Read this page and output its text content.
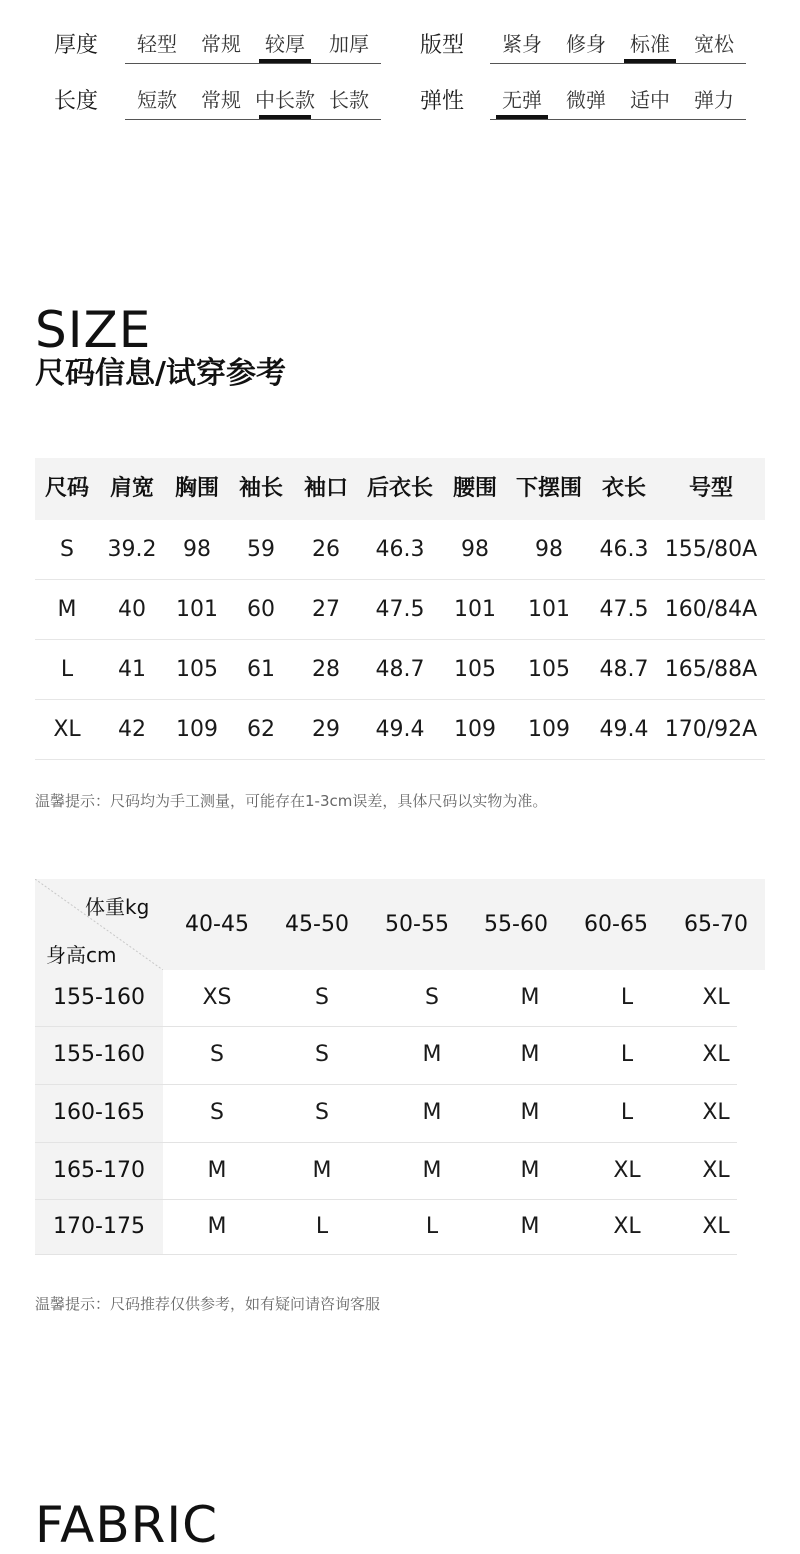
厚度	轻型	常规	较厚	加厚	版型	紧身	修身	标准	宽松
长度	短款	常规 中长款 长款	弹性	无弹	微弹	适中	弹力
SIZE
尺码信息/试穿参考
尺码 肩宽 胸围 袖长 袖口 后衣长 腰围 下摆围 衣长	号型
S	39.2	98	59	26	46.3	98	98	46.3 155/80A
M	40	101	60	27	47.5	101	101	47.5 160/84A
L	41	105	61	28	48.7	105	105	48.7 165/88A
XL	42	109	62	29	49.4	109	109	49.4 170/92A
温馨提示：尺码均为手工测量，可能存在1-3cm误差，具体尺码以实物为准。
体重kg
身高cm
40-45	45-50	50-55	55-60	60-65	65-70
155-160	XS	S	S	M	L	XL
155-160	S	S	M	M	L	XL
160-165	S	S	M	M	L	XL
165-170	M	M	M	M	XL	XL
170-175	M	L	L	M	XL	XL
温馨提示：尺码推荐仅供参考，如有疑问请咨询客服
FABRIC
